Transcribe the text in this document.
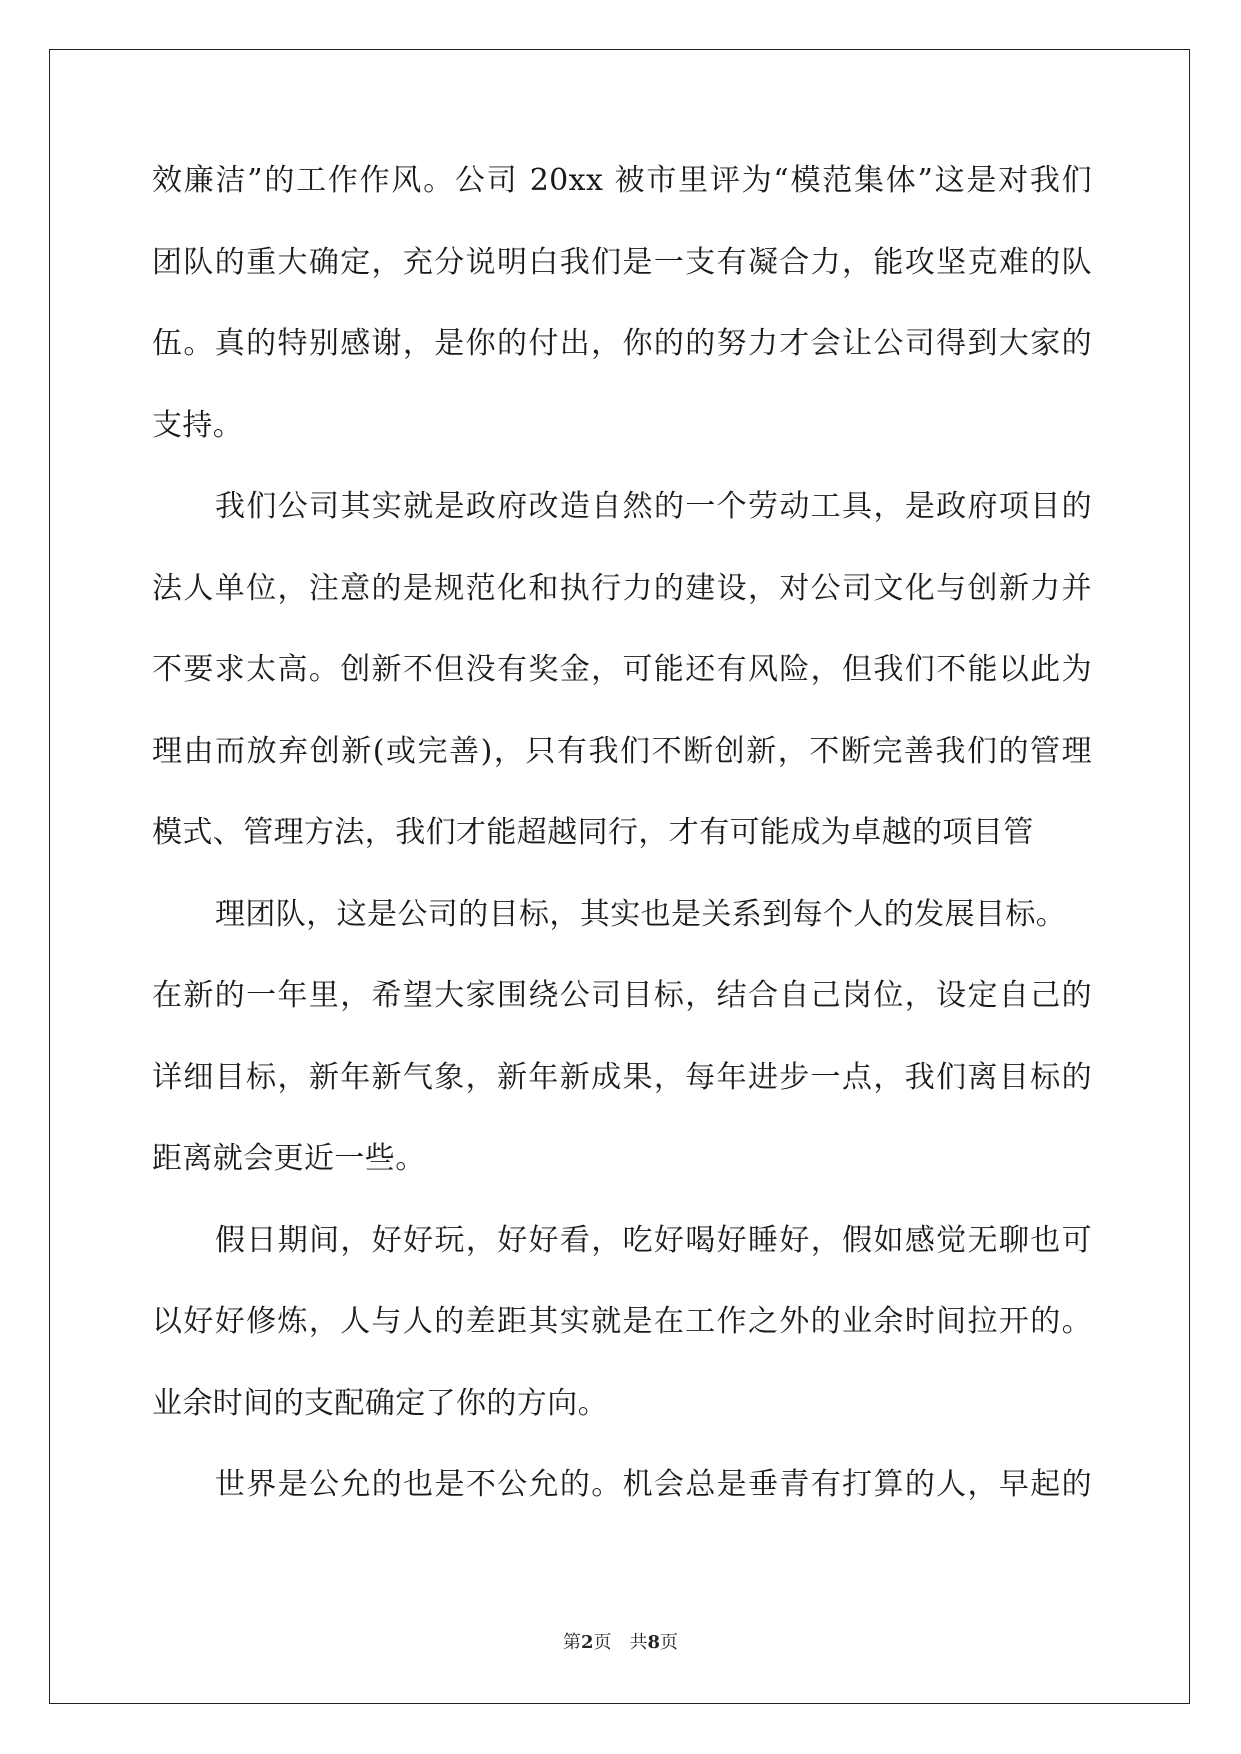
效廉洁”的工作作风。公司 20xx 被市里评为“模范集体”这是对我们
团队的重大确定，充分说明白我们是一支有凝合力，能攻坚克难的队
伍。真的特别感谢，是你的付出，你的的努力才会让公司得到大家的
支持。
我们公司其实就是政府改造自然的一个劳动工具，是政府项目的
法人单位，注意的是规范化和执行力的建设，对公司文化与创新力并
不要求太高。创新不但没有奖金，可能还有风险，但我们不能以此为
理由而放弃创新(或完善)，只有我们不断创新，不断完善我们的管理
模式、管理方法，我们才能超越同行，才有可能成为卓越的项目管
理团队，这是公司的目标，其实也是关系到每个人的发展目标。
在新的一年里，希望大家围绕公司目标，结合自己岗位，设定自己的
详细目标，新年新气象，新年新成果，每年进步一点，我们离目标的
距离就会更近一些。
假日期间，好好玩，好好看，吃好喝好睡好，假如感觉无聊也可
以好好修炼，人与人的差距其实就是在工作之外的业余时间拉开的。
业余时间的支配确定了你的方向。
世界是公允的也是不公允的。机会总是垂青有打算的人，早起的
第2页 共8页
